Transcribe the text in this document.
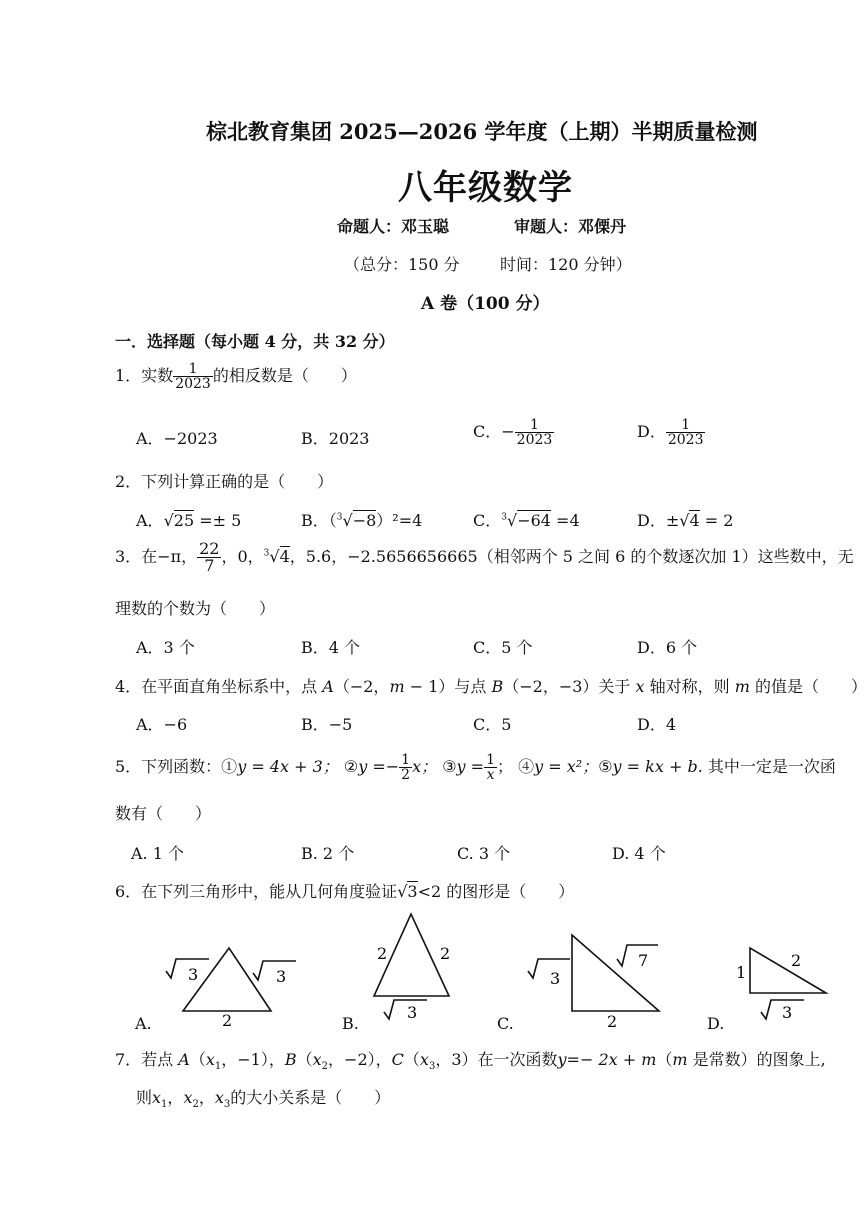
棕北教育集团 2025—2026 学年度（上期）半期质量检测
八年级数学
命题人：邓玉聪	审题人：邓傈丹
（总分：150 分	时间：120 分钟）
A 卷（100 分）
一．选择题（每小题 4 分，共 32 分）
1．实数 $\frac{1}{2023}$ 的相反数是（　　）
A．−2023	B．2023	C．− $\frac{1}{2023}$	D． $\frac{1}{2023}$
2．下列计算正确的是（　　）
A．√25 =± 5	B．（$^3$√−8）²=4	C．$^3$√−64 =4	D．±√4 = 2
3．在−π， $\frac{22}{7}$ ，0，$^3$√4，5.6̇，−2.5656656665（相邻两个 5 之间 6 的个数逐次加 1）这些数中，无
理数的个数为（　　）
A．3 个	B．4 个	C．5 个	D．6 个
4．在平面直角坐标系中，点 A（−2，m − 1）与点 B（−2，−3）关于 x 轴对称，则 m 的值是（　　）
A．−6	B．−5	C．5	D．4
5．下列函数：①y = 4x + 3； ②y =− $\frac{1}{2}$ x； ③y = $\frac{1}{x}$ ； ④y = x²；⑤y = kx + b. 其中一定是一次函
数有（　　）
A. 1 个	B. 2 个	C. 3 个	D. 4 个
6．在下列三角形中，能从几何角度验证√3<2 的图形是（　　）
A.	B.	C.	D.
3	3
2
2	2
3
3
7
2
1
2
3
7．若点 $A(x_1$，−1），$B(x_2$，−2），$C(x_3$，3）在一次函数y=− 2x + m（m 是常数）的图象上,
则$x_1$，$x_2$，$x_3$的大小关系是（　　）
